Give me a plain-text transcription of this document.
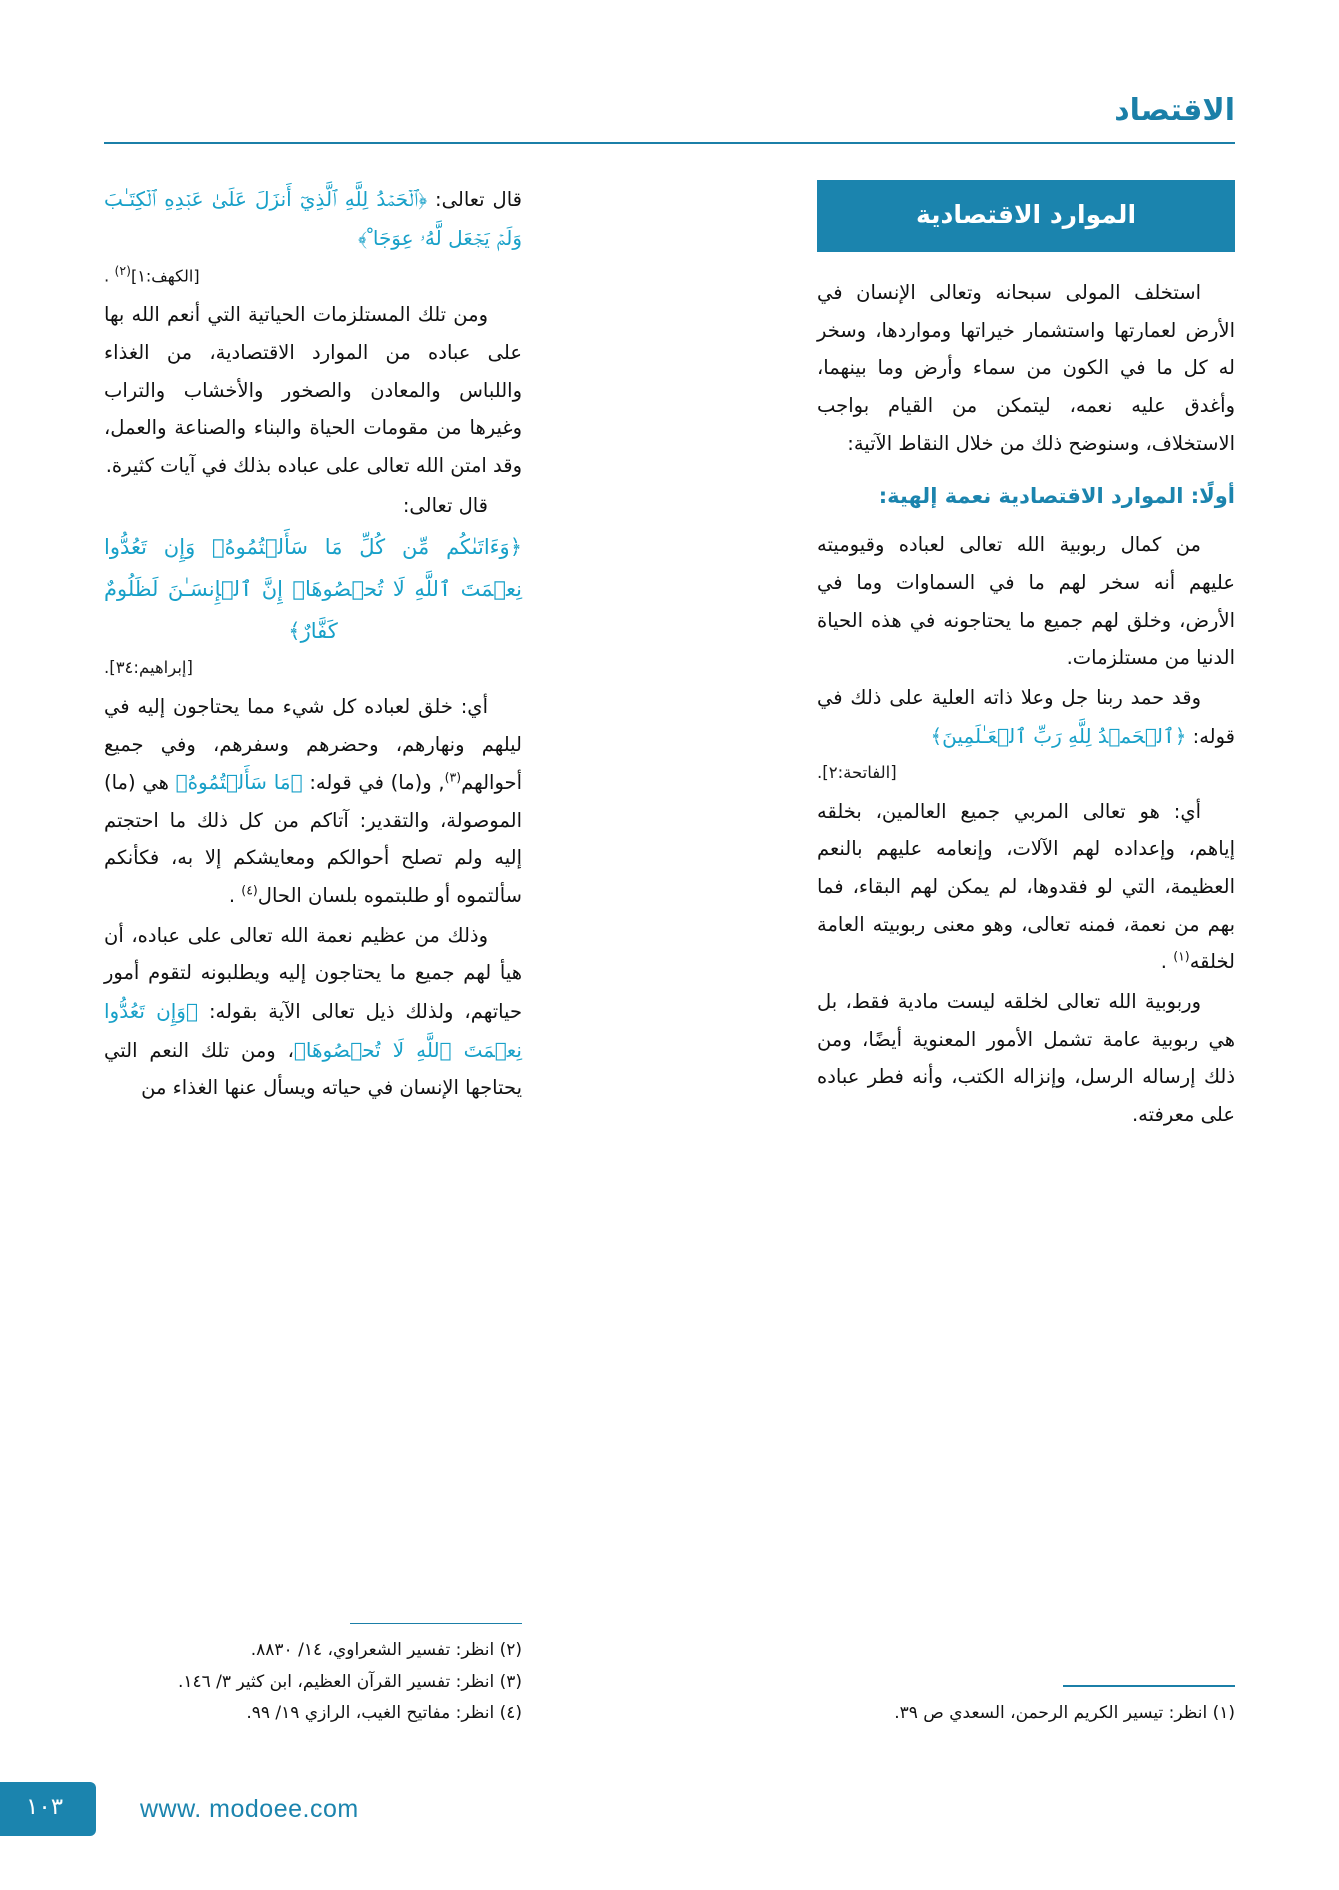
الاقتصاد
الموارد الاقتصادية

استخلف المولى سبحانه وتعالى الإنسان في الأرض لعمارتها واستشمار خيراتها ومواردها، وسخر له كل ما في الكون من سماء وأرض وما بينهما، وأغدق عليه نعمه، ليتمكن من القيام بواجب الاستخلاف، وسنوضح ذلك من خلال النقاط الآتية:

أولًا: الموارد الاقتصادية نعمة إلهية:

من كمال ربوبية الله تعالى لعباده وقيوميته عليهم أنه سخر لهم ما في السماوات وما في الأرض، وخلق لهم جميع ما يحتاجونه في هذه الحياة الدنيا من مستلزمات.

وقد حمد ربنا جل وعلا ذاته العلية على ذلك في قوله: ﴿ٱلۡحَمۡدُ لِلَّهِ رَبِّ ٱلۡعَـٰلَمِينَ﴾

[الفاتحة:٢].

أي: هو تعالى المربي جميع العالمين، بخلقه إياهم، وإعداده لهم الآلات، وإنعامه عليهم بالنعم العظيمة، التي لو فقدوها، لم يمكن لهم البقاء، فما بهم من نعمة، فمنه تعالى، وهو معنى ربوبيته العامة لخلقه$^{(١)}$ .

وربوبية الله تعالى لخلقه ليست مادية فقط، بل هي ربوبية عامة تشمل الأمور المعنوية أيضًا، ومن ذلك إرساله الرسل، وإنزاله الكتب، وأنه فطر عباده على معرفته.

قال تعالى: ﴿ٱلۡحَمۡدُ لِلَّهِ ٱلَّذِيٓ أَنزَلَ عَلَىٰ عَبۡدِهِ ٱلۡكِتَـٰبَ وَلَمۡ يَجۡعَل لَّهُۥ عِوَجَاﹾ﴾

[الكهف:١]$^{(٢)}$ .

ومن تلك المستلزمات الحياتية التي أنعم الله بها على عباده من الموارد الاقتصادية، من الغذاء واللباس والمعادن والصخور والأخشاب والتراب وغيرها من مقومات الحياة والبناء والصناعة والعمل، وقد امتن الله تعالى على عباده بذلك في آيات كثيرة.

قال تعالى:

﴿وَءَاتَىٰكُم مِّن كُلِّ مَا سَأَلۡتُمُوهُۚ وَإِن تَعُدُّوا نِعۡمَتَ ٱللَّهِ لَا تُحۡصُوهَاۗ إِنَّ ٱلۡإِنسَـٰنَ لَظَلُومٌ كَفَّارٌ﴾

[إبراهيم:٣٤].

أي: خلق لعباده كل شيء مما يحتاجون إليه في ليلهم ونهارهم، وحضرهم وسفرهم، وفي جميع أحوالهم$^{(٣)}$, و(ما) في قوله: ﴿مَا سَأَلۡتُمُوهُ﴾ هي (ما) الموصولة، والتقدير: آتاكم من كل ذلك ما احتجتم إليه ولم تصلح أحوالكم ومعايشكم إلا به، فكأنكم سألتموه أو طلبتموه بلسان الحال$^{(٤)}$ .

وذلك من عظيم نعمة الله تعالى على عباده، أن هيأ لهم جميع ما يحتاجون إليه ويطلبونه لتقوم أمور حياتهم، ولذلك ذيل تعالى الآية بقوله: ﴿وَإِن تَعُدُّوا نِعۡمَتَ ٱللَّهِ لَا تُحۡصُوهَا﴾، ومن تلك النعم التي يحتاجها الإنسان في حياته ويسأل عنها الغذاء من

(١) انظر: تيسير الكريم الرحمن، السعدي ص ٣٩.

(٢) انظر: تفسير الشعراوي، ١٤/ ٨٨٣٠.

(٣) انظر: تفسير القرآن العظيم، ابن كثير ٣/ ١٤٦.

(٤) انظر: مفاتيح الغيب، الرازي ١٩/ ٩٩.

١٠٣	www. modoee.com
